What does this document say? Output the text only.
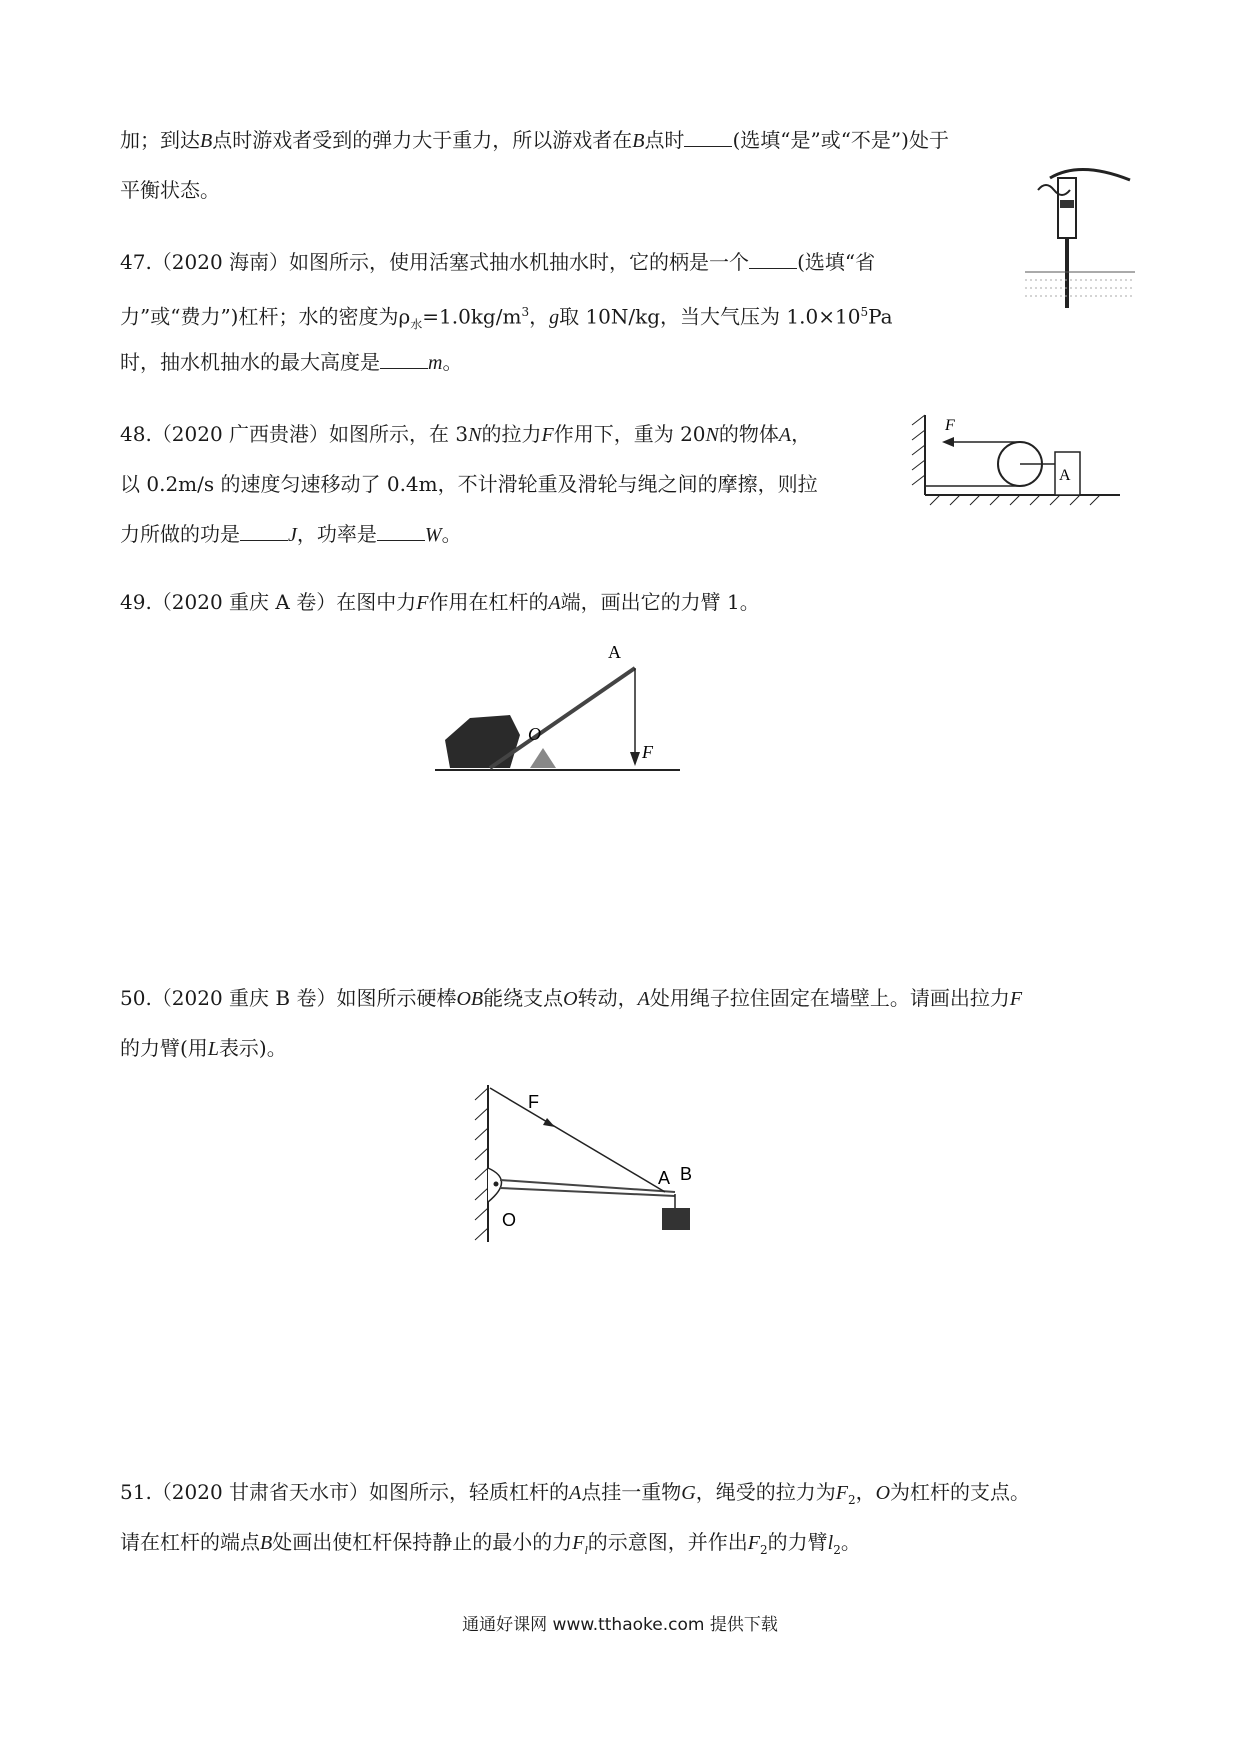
加；到达B点时游戏者受到的弹力大于重力，所以游戏者在B点时 (选填“是”或“不是”)处于
平衡状态。
47.（2020 海南）如图所示，使用活塞式抽水机抽水时，它的柄是一个 (选填“省
力”或“费力”)杠杆；水的密度为$\rho_水=1.0kg/m^3$，g取 10N/kg，当大气压为 $1.0\times 10^5Pa$
时，抽水机抽水的最大高度是 m。
48.（2020 广西贵港）如图所示，在 3N的拉力F作用下，重为 20N的物体A，
以 0.2m/s 的速度匀速移动了 0.4m，不计滑轮重及滑轮与绳之间的摩擦，则拉
力所做的功是 J，功率是 W。
A
F
49.（2020 重庆 A 卷）在图中力F作用在杠杆的A端，画出它的力臂 1。
A
O
F
50.（2020 重庆 B 卷）如图所示硬棒OB能绕支点O转动，A处用绳子拉住固定在墙壁上。请画出拉力F
的力臂(用L表示)。
F
A B
O
51.（2020 甘肃省天水市）如图所示，轻质杠杆的A点挂一重物G，绳受的拉力为$F_2$，O为杠杆的支点。
请在杠杆的端点B处画出使杠杆保持静止的最小的力$F_l$的示意图，并作出$F_2$的力臂$l_2$。
通通好课网 www.tthaoke.com 提供下载
